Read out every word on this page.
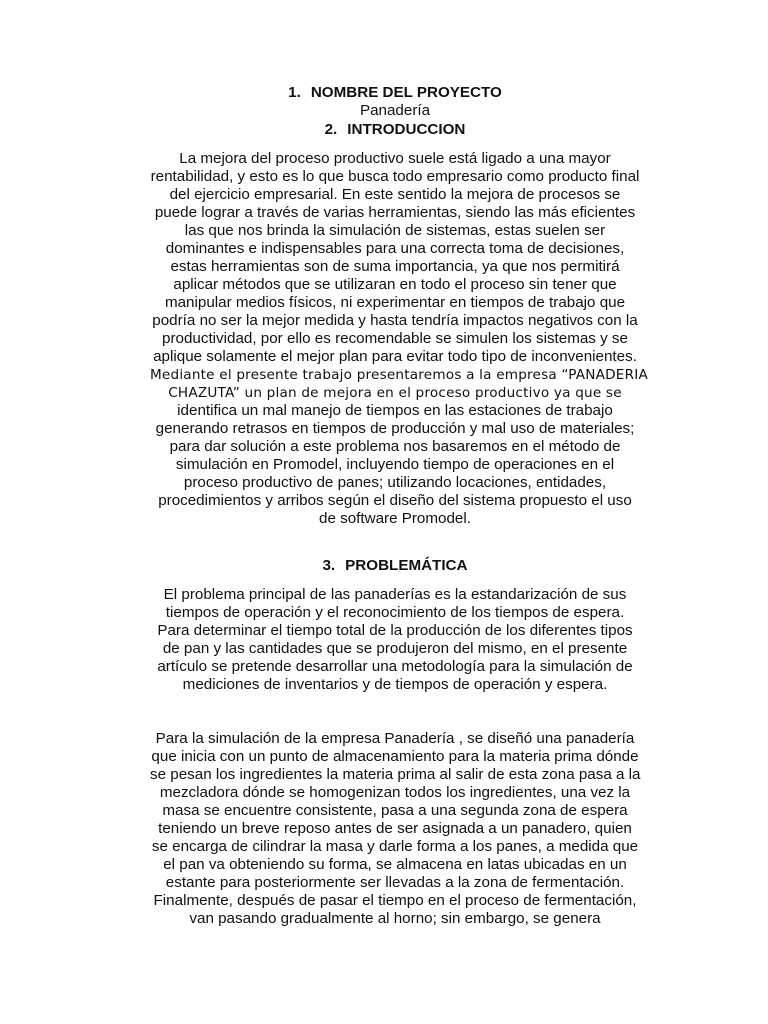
1. NOMBRE DEL PROYECTO
Panadería
2. INTRODUCCION
La mejora del proceso productivo suele está ligado a una mayor
rentabilidad, y esto es lo que busca todo empresario como producto final
del ejercicio empresarial. En este sentido la mejora de procesos se
puede lograr a través de varias herramientas, siendo las más eficientes
las que nos brinda la simulación de sistemas, estas suelen ser
dominantes e indispensables para una correcta toma de decisiones,
estas herramientas son de suma importancia, ya que nos permitirá
aplicar métodos que se utilizaran en todo el proceso sin tener que
manipular medios físicos, ni experimentar en tiempos de trabajo que
podría no ser la mejor medida y hasta tendría impactos negativos con la
productividad, por ello es recomendable se simulen los sistemas y se
aplique solamente el mejor plan para evitar todo tipo de inconvenientes.
Mediante el presente trabajo presentaremos a la empresa “PANADERIA
CHAZUTA” un plan de mejora en el proceso productivo ya que se
identifica un mal manejo de tiempos en las estaciones de trabajo
generando retrasos en tiempos de producción y mal uso de materiales;
para dar solución a este problema nos basaremos en el método de
simulación en Promodel, incluyendo tiempo de operaciones en el
proceso productivo de panes; utilizando locaciones, entidades,
procedimientos y arribos según el diseño del sistema propuesto el uso
de software Promodel.
3. PROBLEMÁTICA
El problema principal de las panaderías es la estandarización de sus
tiempos de operación y el reconocimiento de los tiempos de espera.
Para determinar el tiempo total de la producción de los diferentes tipos
de pan y las cantidades que se produjeron del mismo, en el presente
artículo se pretende desarrollar una metodología para la simulación de
mediciones de inventarios y de tiempos de operación y espera.
Para la simulación de la empresa Panadería , se diseñó una panadería
que inicia con un punto de almacenamiento para la materia prima dónde
se pesan los ingredientes la materia prima al salir de esta zona pasa a la
mezcladora dónde se homogenizan todos los ingredientes, una vez la
masa se encuentre consistente, pasa a una segunda zona de espera
teniendo un breve reposo antes de ser asignada a un panadero, quien
se encarga de cilindrar la masa y darle forma a los panes, a medida que
el pan va obteniendo su forma, se almacena en latas ubicadas en un
estante para posteriormente ser llevadas a la zona de fermentación.
Finalmente, después de pasar el tiempo en el proceso de fermentación,
van pasando gradualmente al horno; sin embargo, se genera
